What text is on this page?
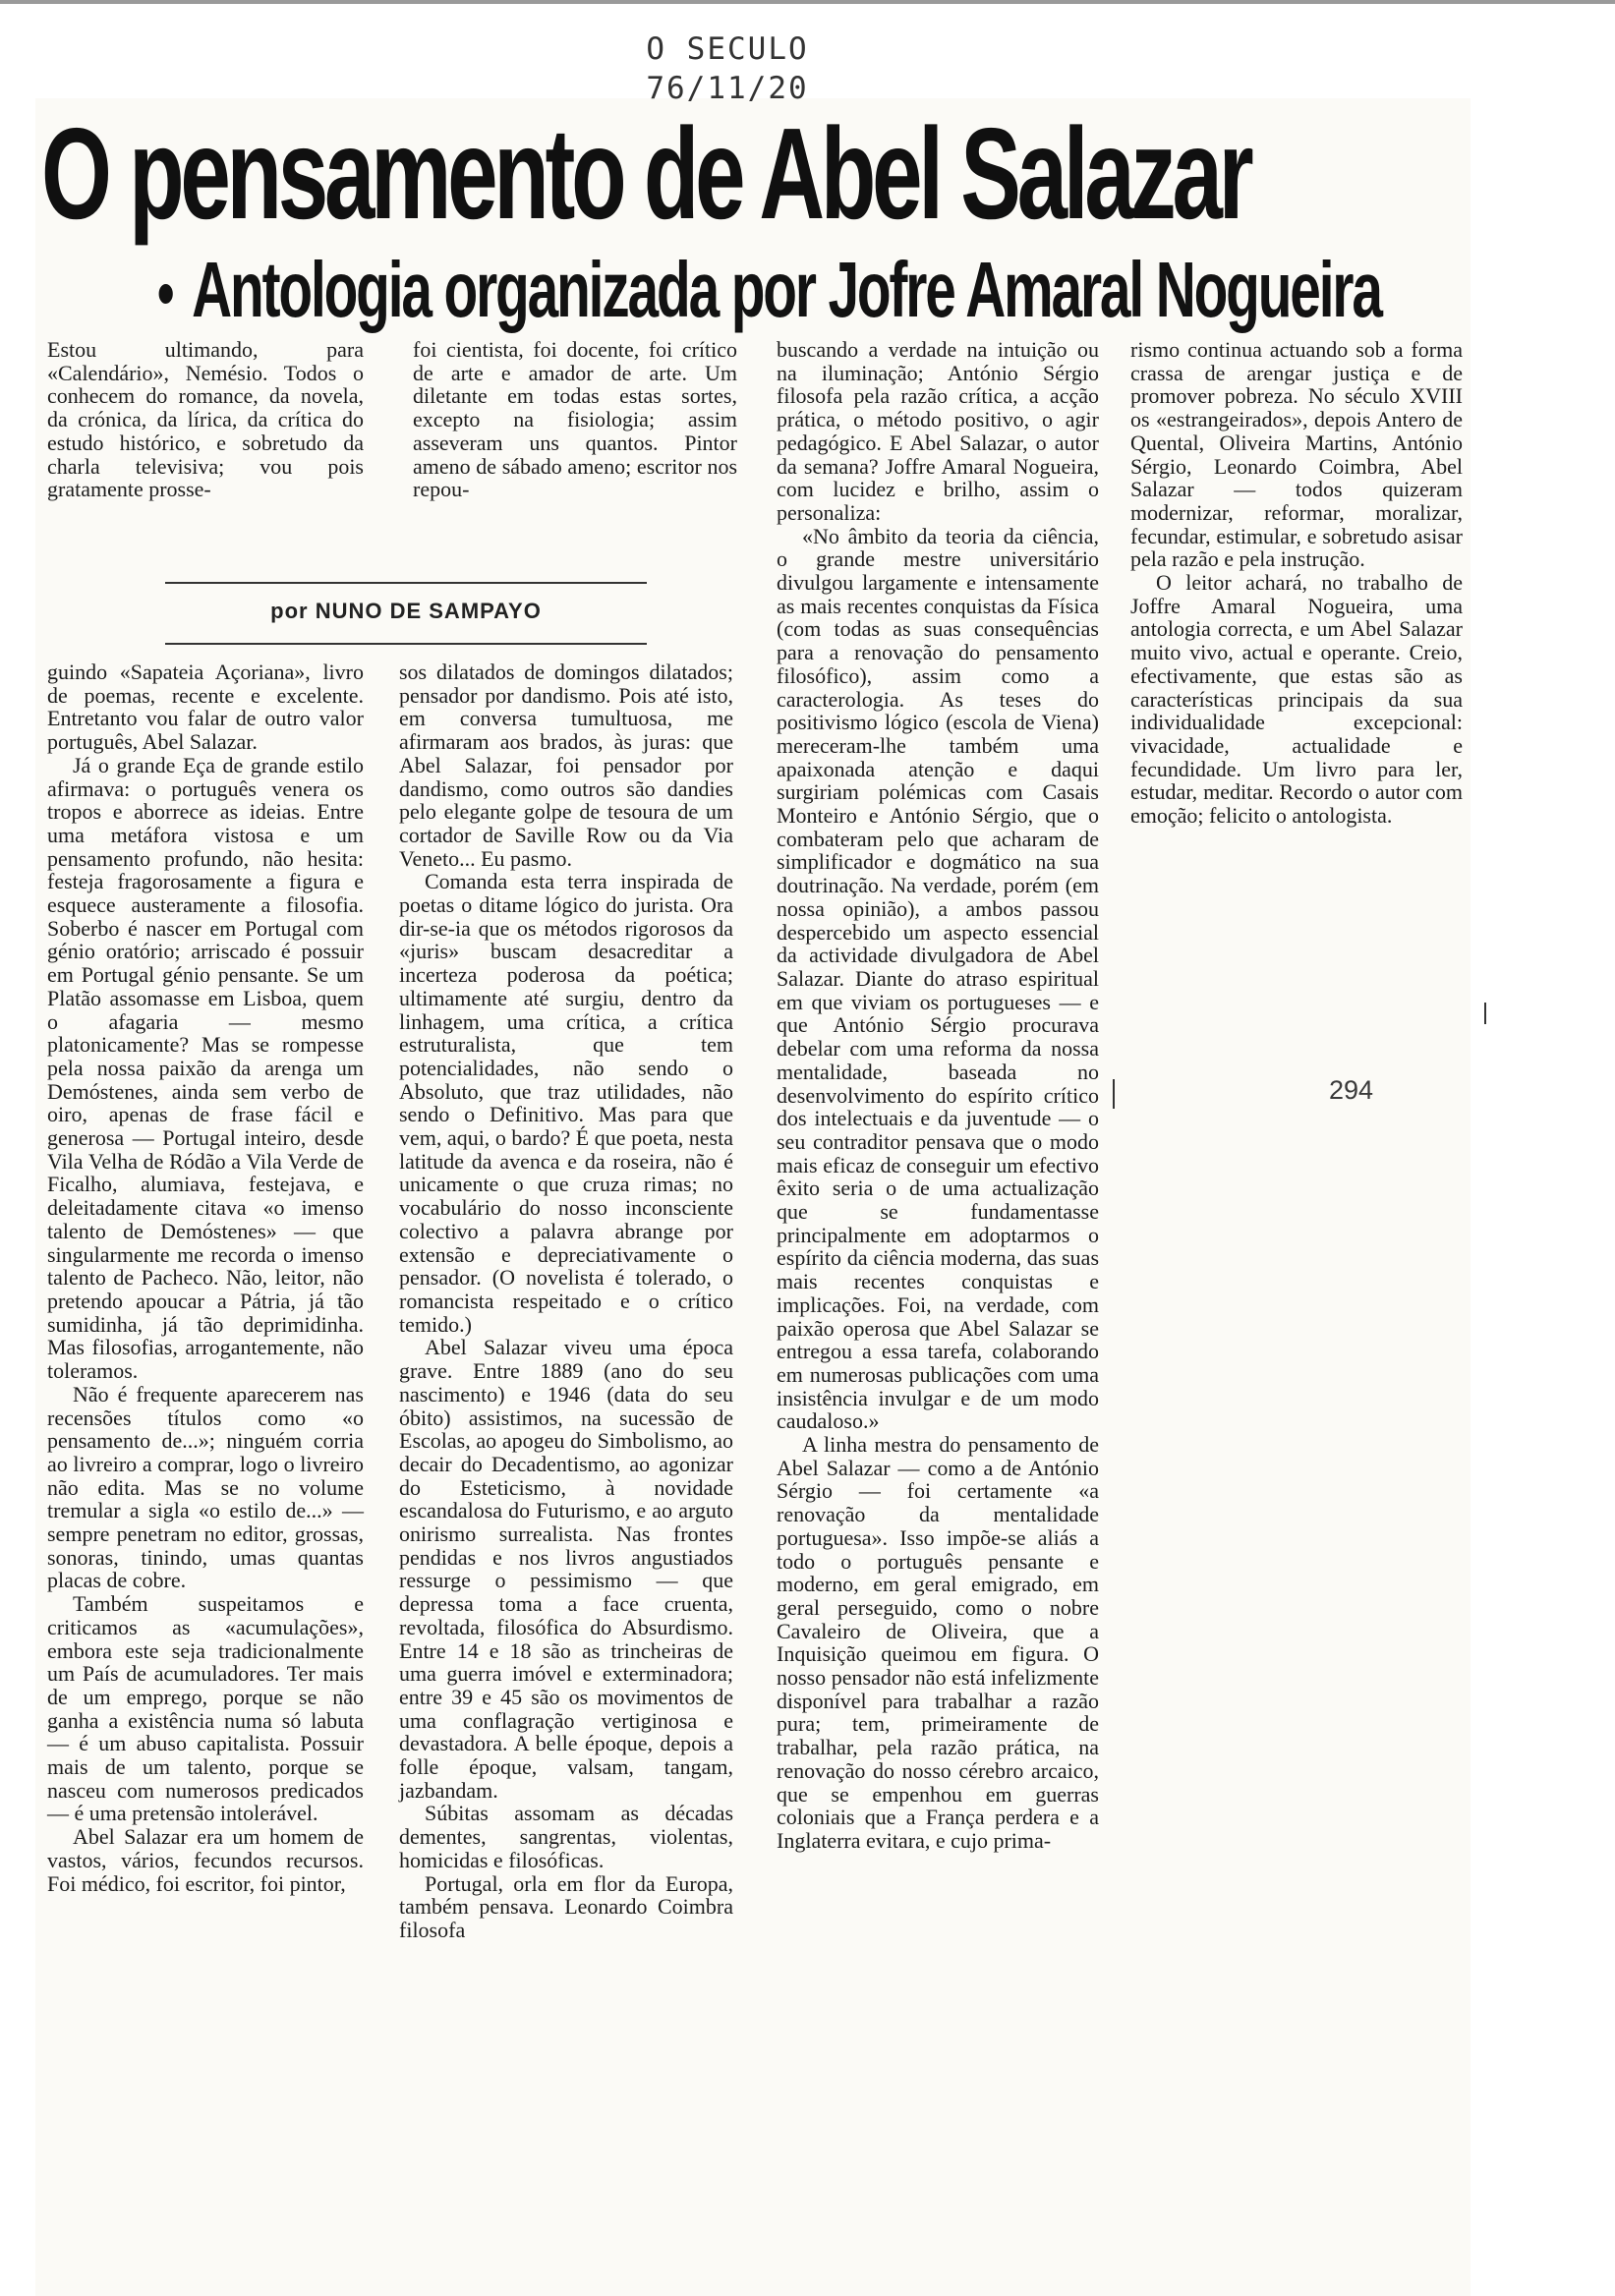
O SECULO
76/11/20
O pensamento de Abel Salazar
• Antologia organizada por Jofre Amaral Nogueira

Estou ultimando, para «Calendário», Nemésio. Todos o conhecem do romance, da novela, da crónica, da lírica, da crítica do estudo histórico, e sobretudo da charla televisiva; vou pois gratamente prosse-

foi cientista, foi docente, foi crítico de arte e amador de arte. Um diletante em todas estas sortes, excepto na fisiologia; assim asseveram uns quantos. Pintor ameno de sábado ameno; escritor nos repou-

por NUNO DE SAMPAYO

guindo «Sapateia Açoriana», livro de poemas, recente e excelente. Entretanto vou falar de outro valor português, Abel Salazar.

Já o grande Eça de grande estilo afirmava: o português venera os tropos e aborrece as ideias. Entre uma metáfora vistosa e um pensamento profundo, não hesita: festeja fragorosamente a figura e esquece austeramente a filosofia. Soberbo é nascer em Portugal com génio oratório; arriscado é possuir em Portugal génio pensante. Se um Platão assomasse em Lisboa, quem o afagaria — mesmo platonicamente? Mas se rompesse pela nossa paixão da arenga um Demóstenes, ainda sem verbo de oiro, apenas de frase fácil e generosa — Portugal inteiro, desde Vila Velha de Ródão a Vila Verde de Ficalho, alumiava, festejava, e deleitadamente citava «o imenso talento de Demóstenes» — que singularmente me recorda o imenso talento de Pacheco. Não, leitor, não pretendo apoucar a Pátria, já tão sumidinha, já tão deprimidinha. Mas filosofias, arrogantemente, não toleramos.

Não é frequente aparecerem nas recensões títulos como «o pensamento de...»; ninguém corria ao livreiro a comprar, logo o livreiro não edita. Mas se no volume tremular a sigla «o estilo de...» — sempre penetram no editor, grossas, sonoras, tinindo, umas quantas placas de cobre.

Também suspeitamos e criticamos as «acumulações», embora este seja tradicionalmente um País de acumuladores. Ter mais de um emprego, porque se não ganha a existência numa só labuta — é um abuso capitalista. Possuir mais de um talento, porque se nasceu com numerosos predicados — é uma pretensão intolerável.

Abel Salazar era um homem de vastos, vários, fecundos recursos. Foi médico, foi escritor, foi pintor,

sos dilatados de domingos dilatados; pensador por dandismo. Pois até isto, em conversa tumultuosa, me afirmaram aos brados, às juras: que Abel Salazar, foi pensador por dandismo, como outros são dandies pelo elegante golpe de tesoura de um cortador de Saville Row ou da Via Veneto... Eu pasmo.

Comanda esta terra inspirada de poetas o ditame lógico do jurista. Ora dir-se-ia que os métodos rigorosos da «juris» buscam desacreditar a incerteza poderosa da poética; ultimamente até surgiu, dentro da linhagem, uma crítica, a crítica estruturalista, que tem potencialidades, não sendo o Absoluto, que traz utilidades, não sendo o Definitivo. Mas para que vem, aqui, o bardo? É que poeta, nesta latitude da avenca e da roseira, não é unicamente o que cruza rimas; no vocabulário do nosso inconsciente colectivo a palavra abrange por extensão e depreciativamente o pensador. (O novelista é tolerado, o romancista respeitado e o crítico temido.)

Abel Salazar viveu uma época grave. Entre 1889 (ano do seu nascimento) e 1946 (data do seu óbito) assistimos, na sucessão de Escolas, ao apogeu do Simbolismo, ao decair do Decadentismo, ao agonizar do Esteticismo, à novidade escandalosa do Futurismo, e ao arguto onirismo surrealista. Nas frontes pendidas e nos livros angustiados ressurge o pessimismo — que depressa toma a face cruenta, revoltada, filosófica do Absurdismo. Entre 14 e 18 são as trincheiras de uma guerra imóvel e exterminadora; entre 39 e 45 são os movimentos de uma conflagração vertiginosa e devastadora. A belle époque, depois a folle époque, valsam, tangam, jazbandam.

Súbitas assomam as décadas dementes, sangrentas, violentas, homicidas e filosóficas.

Portugal, orla em flor da Europa, também pensava. Leonardo Coimbra filosofa

buscando a verdade na intuição ou na iluminação; António Sérgio filosofa pela razão crítica, a acção prática, o método positivo, o agir pedagógico. E Abel Salazar, o autor da semana? Joffre Amaral Nogueira, com lucidez e brilho, assim o personaliza:

«No âmbito da teoria da ciência, o grande mestre universitário divulgou largamente e intensamente as mais recentes conquistas da Física (com todas as suas consequências para a renovação do pensamento filosófico), assim como a caracterologia. As teses do positivismo lógico (escola de Viena) mereceram-lhe também uma apaixonada atenção e daqui surgiriam polémicas com Casais Monteiro e António Sérgio, que o combateram pelo que acharam de simplificador e dogmático na sua doutrinação. Na verdade, porém (em nossa opinião), a ambos passou despercebido um aspecto essencial da actividade divulgadora de Abel Salazar. Diante do atraso espiritual em que viviam os portugueses — e que António Sérgio procurava debelar com uma reforma da nossa mentalidade, baseada no desenvolvimento do espírito crítico dos intelectuais e da juventude — o seu contraditor pensava que o modo mais eficaz de conseguir um efectivo êxito seria o de uma actualização que se fundamentasse principalmente em adoptarmos o espírito da ciência moderna, das suas mais recentes conquistas e implicações. Foi, na verdade, com paixão operosa que Abel Salazar se entregou a essa tarefa, colaborando em numerosas publicações com uma insistência invulgar e de um modo caudaloso.»

A linha mestra do pensamento de Abel Salazar — como a de António Sérgio — foi certamente «a renovação da mentalidade portuguesa». Isso impõe-se aliás a todo o português pensante e moderno, em geral emigrado, em geral perseguido, como o nobre Cavaleiro de Oliveira, que a Inquisição queimou em figura. O nosso pensador não está infelizmente disponível para trabalhar a razão pura; tem, primeiramente de trabalhar, pela razão prática, na renovação do nosso cérebro arcaico, que se empenhou em guerras coloniais que a França perdera e a Inglaterra evitara, e cujo prima-

rismo continua actuando sob a forma crassa de arengar justiça e de promover pobreza. No século XVIII os «estrangeirados», depois Antero de Quental, Oliveira Martins, António Sérgio, Leonardo Coimbra, Abel Salazar — todos quizeram modernizar, reformar, moralizar, fecundar, estimular, e sobretudo asisar pela razão e pela instrução.

O leitor achará, no trabalho de Joffre Amaral Nogueira, uma antologia correcta, e um Abel Salazar muito vivo, actual e operante. Creio, efectivamente, que estas são as características principais da sua individualidade excepcional: vivacidade, actualidade e fecundidade. Um livro para ler, estudar, meditar. Recordo o autor com emoção; felicito o antologista.

294
